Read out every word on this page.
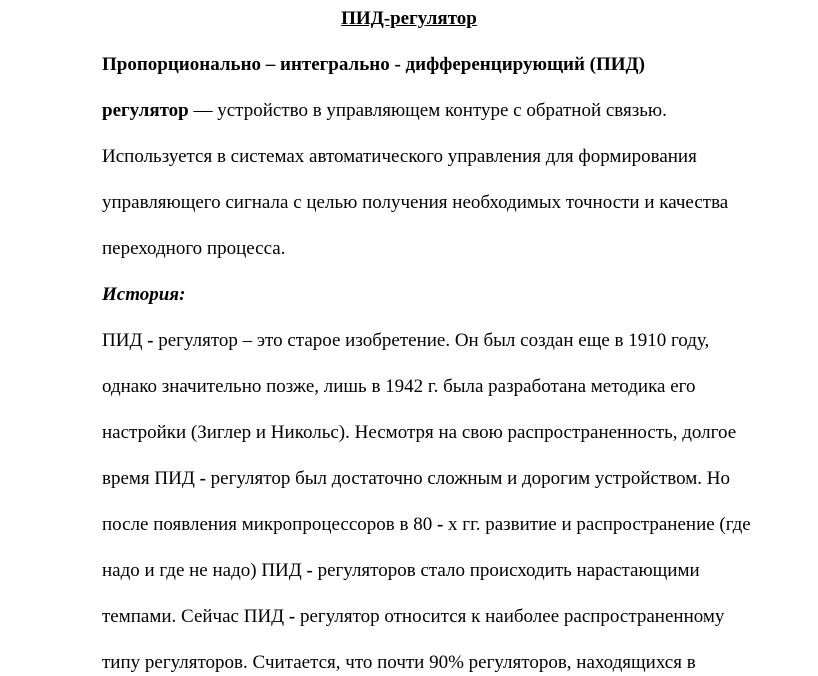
ПИД-регулятор
Пропорционально – интегрально - дифференцирующий (ПИД)
регулятор — устройство в управляющем контуре с обратной связью.
Используется в системах автоматического управления для формирования
управляющего сигнала с целью получения необходимых точности и качества
переходного процесса.
История:
ПИД - регулятор – это старое изобретение. Он был создан еще в 1910 году,
однако значительно позже, лишь в 1942 г. была разработана методика его
настройки (Зиглер и Никольс). Несмотря на свою распространенность, долгое
время ПИД - регулятор был достаточно сложным и дорогим устройством. Но
после появления микропроцессоров в 80 - х гг. развитие и распространение (где
надо и где не надо) ПИД - регуляторов стало происходить нарастающими
темпами. Сейчас ПИД - регулятор относится к наиболее распространенному
типу регуляторов. Считается, что почти 90% регуляторов, находящихся в
